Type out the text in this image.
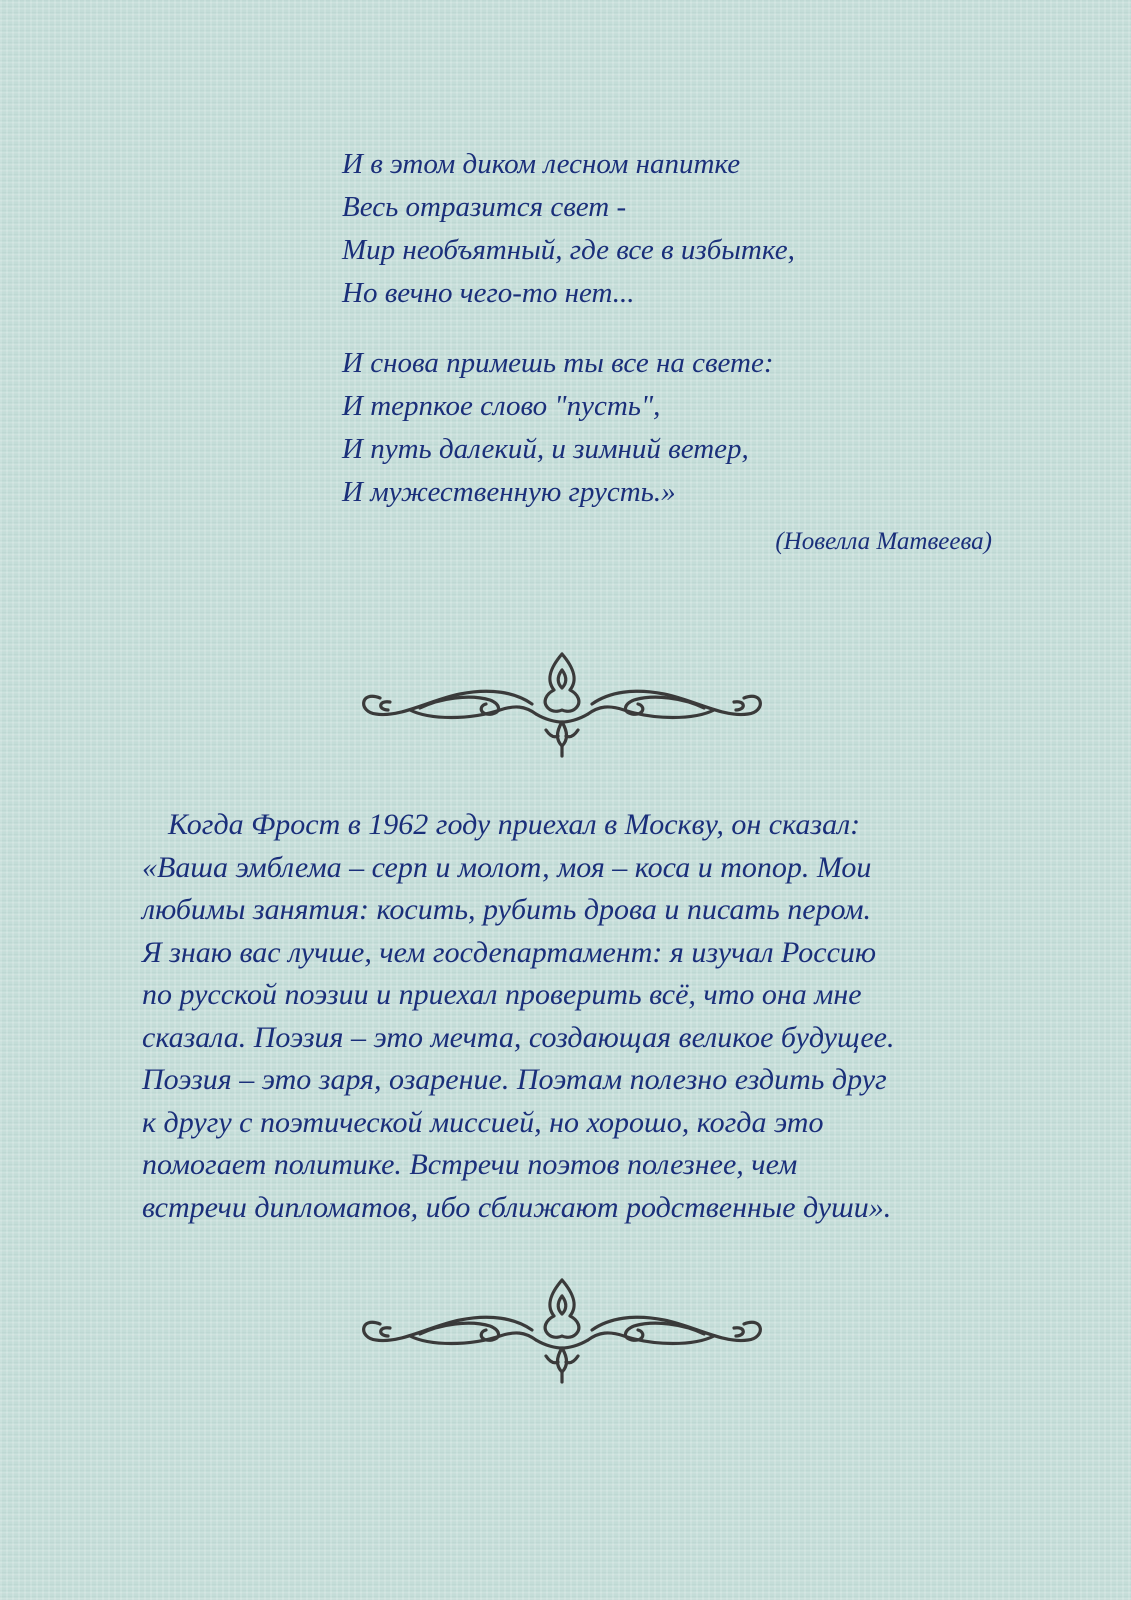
И в этом диком лесном напитке
Весь отразится свет -
Мир необъятный, где все в избытке,
Но вечно чего-то нет...
И снова примешь ты все на свете:
И терпкое слово "пусть",
И путь далекий, и зимний ветер,
И мужественную грусть.»
(Новелла Матвеева)
Когда Фрост в 1962 году приехал в Москву, он сказал:
«Ваша эмблема – серп и молот, моя – коса и топор. Мои
любимы занятия: косить, рубить дрова и писать пером.
Я знаю вас лучше, чем госдепартамент: я изучал Россию
по русской поэзии и приехал проверить всё, что она мне
сказала. Поэзия – это мечта, создающая великое будущее.
Поэзия – это заря, озарение. Поэтам полезно ездить друг
к другу с поэтической миссией, но хорошо, когда это
помогает политике. Встречи поэтов полезнее, чем
встречи дипломатов, ибо сближают родственные души».
